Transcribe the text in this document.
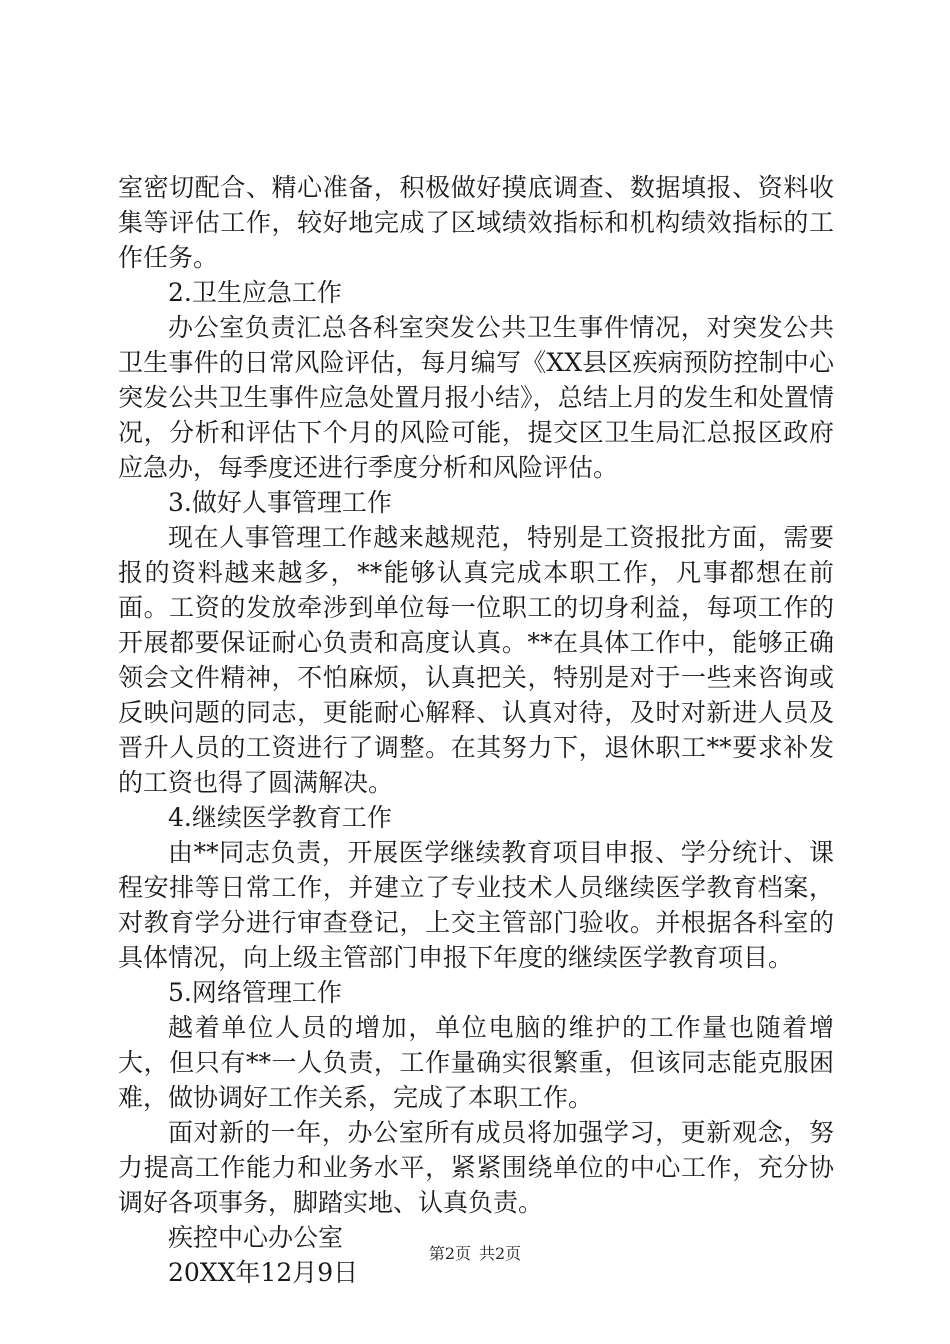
室密切配合、精心准备，积极做好摸底调查、数据填报、资料收集等评估工作，较好地完成了区域绩效指标和机构绩效指标的工作任务。

2.卫生应急工作

办公室负责汇总各科室突发公共卫生事件情况，对突发公共卫生事件的日常风险评估，每月编写《XX县区疾病预防控制中心突发公共卫生事件应急处置月报小结》，总结上月的发生和处置情况，分析和评估下个月的风险可能，提交区卫生局汇总报区政府应急办，每季度还进行季度分析和风险评估。

3.做好人事管理工作

现在人事管理工作越来越规范，特别是工资报批方面，需要报的资料越来越多，**能够认真完成本职工作，凡事都想在前面。工资的发放牵涉到单位每一位职工的切身利益，每项工作的开展都要保证耐心负责和高度认真。**在具体工作中，能够正确领会文件精神，不怕麻烦，认真把关，特别是对于一些来咨询或反映问题的同志，更能耐心解释、认真对待，及时对新进人员及晋升人员的工资进行了调整。在其努力下，退休职工**要求补发的工资也得了圆满解决。

4.继续医学教育工作

由**同志负责，开展医学继续教育项目申报、学分统计、课程安排等日常工作，并建立了专业技术人员继续医学教育档案，对教育学分进行审查登记，上交主管部门验收。并根据各科室的具体情况，向上级主管部门申报下年度的继续医学教育项目。

5.网络管理工作

越着单位人员的增加，单位电脑的维护的工作量也随着增大，但只有**一人负责，工作量确实很繁重，但该同志能克服困难，做协调好工作关系，完成了本职工作。

面对新的一年，办公室所有成员将加强学习，更新观念，努力提高工作能力和业务水平，紧紧围绕单位的中心工作，充分协调好各项事务，脚踏实地、认真负责。

疾控中心办公室

20XX年12月9日

第2页 共2页
